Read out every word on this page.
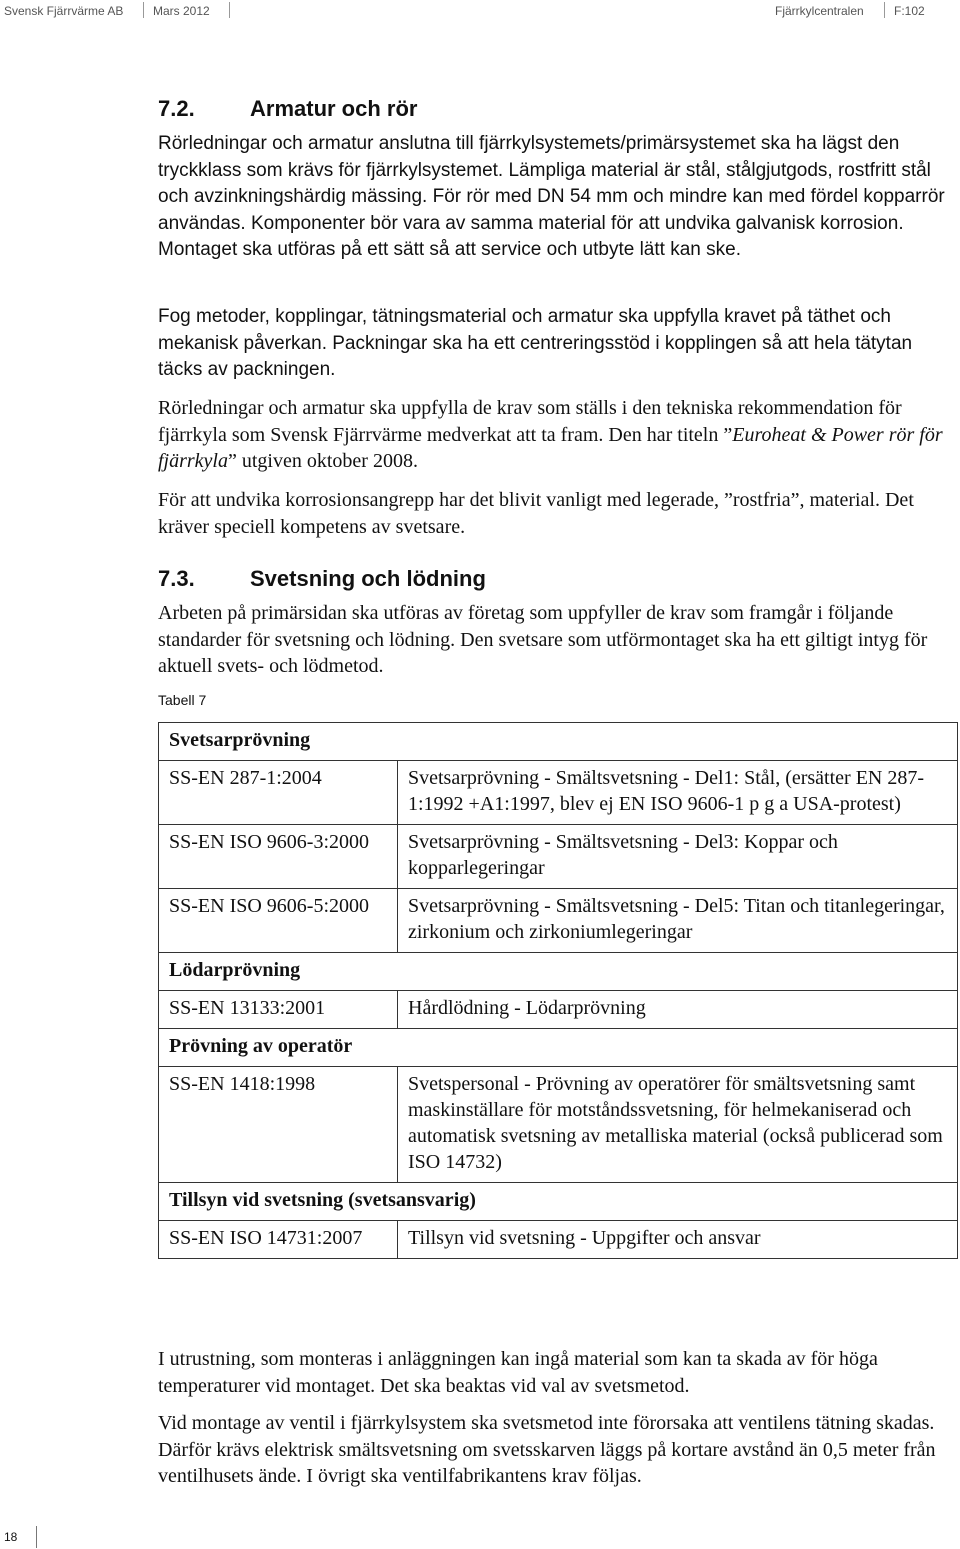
Svensk Fjärrvärme AB Mars 2012	Fjärrkylcentralen	F:102
7.2.	Armatur och rör

Rörledningar och armatur anslutna till fjärrkylsystemets/primärsystemet ska ha lägst den tryckklass som krävs för fjärrkylsystemet. Lämpliga material är stål, stålgjutgods, rostfritt stål och avzinkningshärdig mässing. För rör med DN 54 mm och mindre kan med fördel kopparrör användas. Komponenter bör vara av samma material för att undvika galvanisk korrosion. Montaget ska utföras på ett sätt så att service och utbyte lätt kan ske.

Fog metoder, kopplingar, tätningsmaterial och armatur ska uppfylla kravet på täthet och mekanisk påverkan. Packningar ska ha ett centreringsstöd i kopplingen så att hela tätytan täcks av packningen.

Rörledningar och armatur ska uppfylla de krav som ställs i den tekniska rekommendation för fjärrkyla som Svensk Fjärrvärme medverkat att ta fram. Den har titeln ”Euroheat & Power rör för fjärrkyla” utgiven oktober 2008.

För att undvika korrosionsangrepp har det blivit vanligt med legerade, ”rostfria”, material. Det kräver speciell kompetens av svetsare.

7.3.	Svetsning och lödning

Arbeten på primärsidan ska utföras av företag som uppfyller de krav som framgår i följande standarder för svetsning och lödning. Den svetsare som utförmontaget ska ha ett giltigt intyg för aktuell svets- och lödmetod.

Tabell 7
Svetsarprövning	
SS-EN 287-1:2004	Svetsarprövning - Smältsvetsning - Del1: Stål, (ersätter EN 287-1:1992 +A1:1997, blev ej EN ISO 9606-1 p g a USA-protest)
SS-EN ISO 9606-3:2000	Svetsarprövning - Smältsvetsning - Del3: Koppar och kopparlegeringar
SS-EN ISO 9606-5:2000	Svetsarprövning - Smältsvetsning - Del5: Titan och titanlegeringar, zirkonium och zirkoniumlegeringar
Lödarprövning	
SS-EN 13133:2001	Hårdlödning - Lödarprövning
Prövning av operatör	
SS-EN 1418:1998	Svetspersonal - Prövning av operatörer för smältsvetsning samt maskinställare för motståndssvetsning, för helmekaniserad och automatisk svetsning av metalliska material (också publicerad som ISO 14732)
Tillsyn vid svetsning (svetsansvarig)	
SS-EN ISO 14731:2007	Tillsyn vid svetsning - Uppgifter och ansvar

I utrustning, som monteras i anläggningen kan ingå material som kan ta skada av för höga temperaturer vid montaget. Det ska beaktas vid val av svetsmetod.

Vid montage av ventil i fjärrkylsystem ska svetsmetod inte förorsaka att ventilens tätning skadas. Därför krävs elektrisk smältsvetsning om svetsskarven läggs på kortare avstånd än 0,5 meter från ventilhusets ände. I övrigt ska ventilfabrikantens krav följas.

18
